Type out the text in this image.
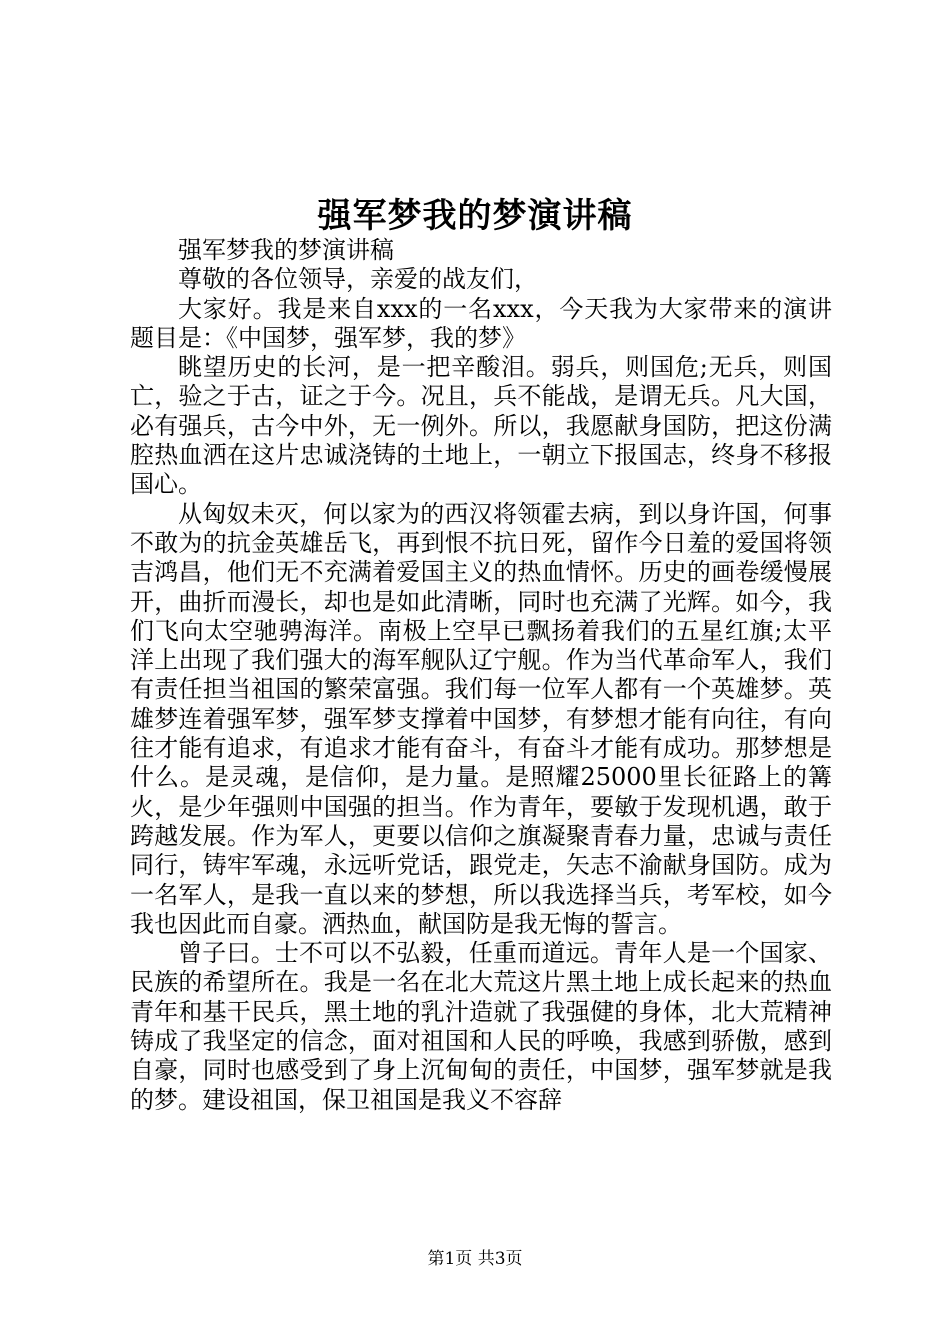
强军梦我的梦演讲稿

强军梦我的梦演讲稿

尊敬的各位领导，亲爱的战友们，

大家好。我是来自xxx的一名xxx，今天我为大家带来的演讲题目是：《中国梦，强军梦，我的梦》

眺望历史的长河，是一把辛酸泪。弱兵，则国危;无兵，则国亡，验之于古，证之于今。况且，兵不能战，是谓无兵。凡大国，必有强兵，古今中外，无一例外。所以，我愿献身国防，把这份满腔热血洒在这片忠诚浇铸的土地上，一朝立下报国志，终身不移报国心。

从匈奴未灭，何以家为的西汉将领霍去病，到以身许国，何事不敢为的抗金英雄岳飞，再到恨不抗日死，留作今日羞的爱国将领吉鸿昌，他们无不充满着爱国主义的热血情怀。历史的画卷缓慢展开，曲折而漫长，却也是如此清晰，同时也充满了光辉。如今，我们飞向太空驰骋海洋。南极上空早已飘扬着我们的五星红旗;太平洋上出现了我们强大的海军舰队辽宁舰。作为当代革命军人，我们有责任担当祖国的繁荣富强。我们每一位军人都有一个英雄梦。英雄梦连着强军梦，强军梦支撑着中国梦，有梦想才能有向往，有向往才能有追求，有追求才能有奋斗，有奋斗才能有成功。那梦想是什么。是灵魂，是信仰，是力量。是照耀25000里长征路上的篝火，是少年强则中国强的担当。作为青年，要敏于发现机遇，敢于跨越发展。作为军人，更要以信仰之旗凝聚青春力量，忠诚与责任同行，铸牢军魂，永远听党话，跟党走，矢志不渝献身国防。成为一名军人，是我一直以来的梦想，所以我选择当兵，考军校，如今我也因此而自豪。洒热血，献国防是我无悔的誓言。

曾子曰。士不可以不弘毅，任重而道远。青年人是一个国家、民族的希望所在。我是一名在北大荒这片黑土地上成长起来的热血青年和基干民兵，黑土地的乳汁造就了我强健的身体，北大荒精神铸成了我坚定的信念，面对祖国和人民的呼唤，我感到骄傲，感到自豪，同时也感受到了身上沉甸甸的责任，中国梦，强军梦就是我的梦。建设祖国，保卫祖国是我义不容辞

第1页 共3页
